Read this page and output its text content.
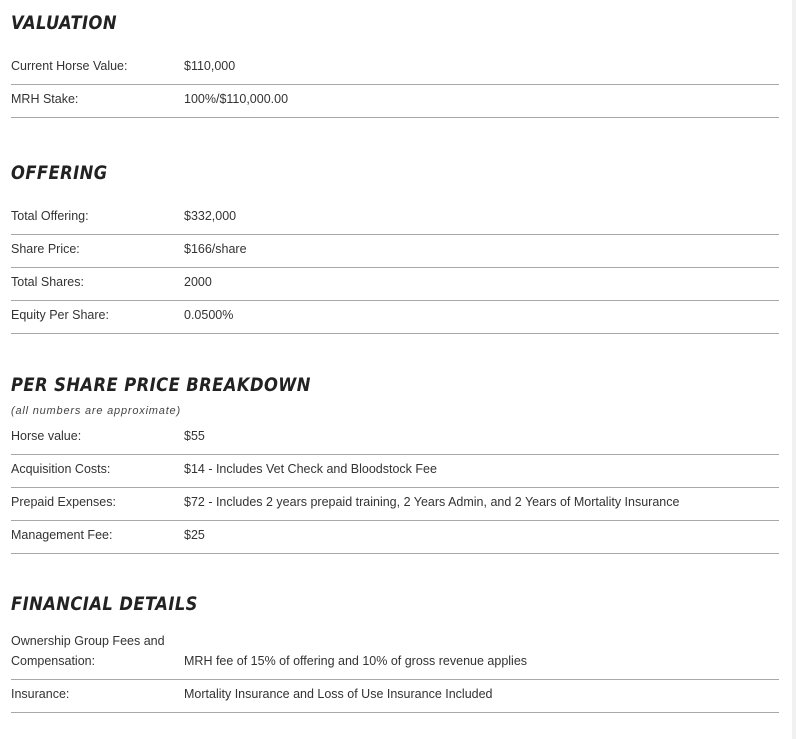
VALUATION
Current Horse Value:	$110,000
MRH Stake:	100%/$110,000.00
OFFERING
Total Offering:	$332,000
Share Price:	$166/share
Total Shares:	2000
Equity Per Share:	0.0500%
PER SHARE PRICE BREAKDOWN
(all numbers are approximate)
Horse value:	$55
Acquisition Costs:	$14 - Includes Vet Check and Bloodstock Fee
Prepaid Expenses:	$72 - Includes 2 years prepaid training, 2 Years Admin, and 2 Years of Mortality Insurance
Management Fee:	$25
FINANCIAL DETAILS
Ownership Group Fees and Compensation:	MRH fee of 15% of offering and 10% of gross revenue applies
Insurance:	Mortality Insurance and Loss of Use Insurance Included
